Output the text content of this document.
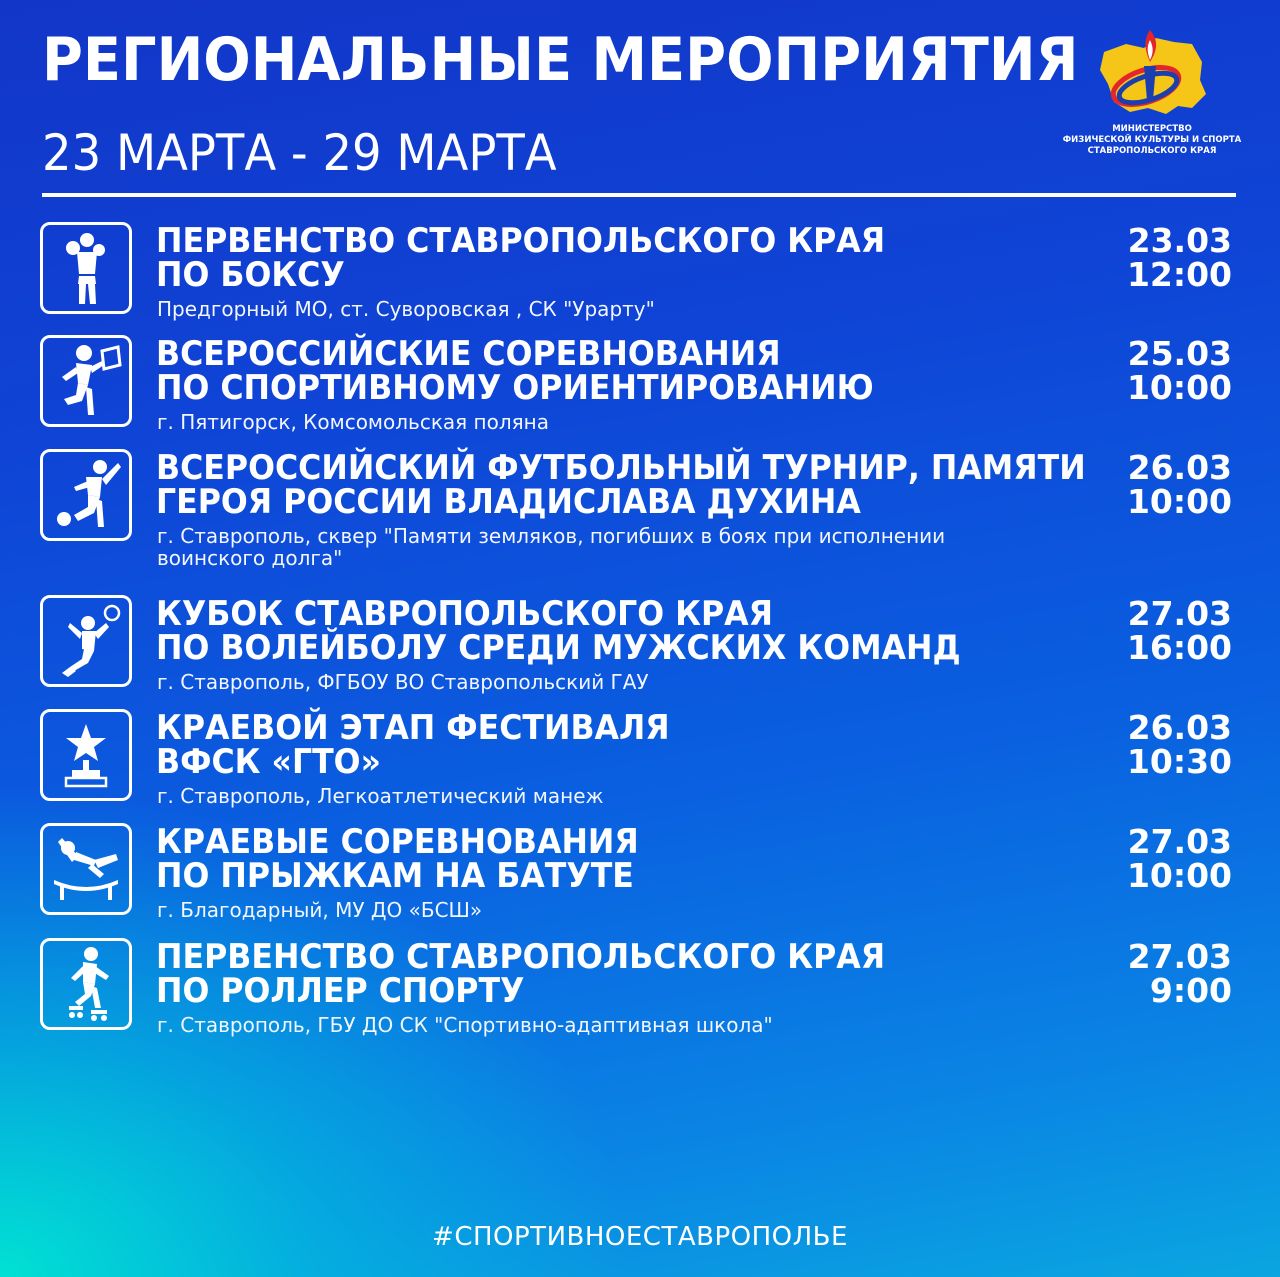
РЕГИОНАЛЬНЫЕ МЕРОПРИЯТИЯ
23 МАРТА - 29 МАРТА	МИНИСТЕРСТВО
ФИЗИЧЕСКОЙ КУЛЬТУРЫ И СПОРТА
СТАВРОПОЛЬСКОГО КРАЯ
ПЕРВЕНСТВО СТАВРОПОЛЬСКОГО КРАЯ
ПО БОКСУ
Предгорный МО, ст. Суворовская , СК "Урарту"
23.03
12:00
ВСЕРОССИЙСКИЕ СОРЕВНОВАНИЯ
ПО СПОРТИВНОМУ ОРИЕНТИРОВАНИЮ
г. Пятигорск, Комсомольская поляна
25.03
10:00
ВСЕРОССИЙСКИЙ ФУТБОЛЬНЫЙ ТУРНИР, ПАМЯТИ
ГЕРОЯ РОССИИ ВЛАДИСЛАВА ДУХИНА
г. Ставрополь, сквер "Памяти земляков, погибших в боях при исполнении воинского долга"
26.03
10:00
КУБОК СТАВРОПОЛЬСКОГО КРАЯ
ПО ВОЛЕЙБОЛУ СРЕДИ МУЖСКИХ КОМАНД
г. Ставрополь, ФГБОУ ВО Ставропольский ГАУ
27.03
16:00
КРАЕВОЙ ЭТАП ФЕСТИВАЛЯ
ВФСК «ГТО»
г. Ставрополь, Легкоатлетический манеж
26.03
10:30
КРАЕВЫЕ СОРЕВНОВАНИЯ
ПО ПРЫЖКАМ НА БАТУТЕ
г. Благодарный, МУ ДО «БСШ»
27.03
10:00
ПЕРВЕНСТВО СТАВРОПОЛЬСКОГО КРАЯ
ПО РОЛЛЕР СПОРТУ
г. Ставрополь, ГБУ ДО СК "Спортивно-адаптивная школа"
27.03
9:00
#СПОРТИВНОЕСТАВРОПОЛЬЕ
